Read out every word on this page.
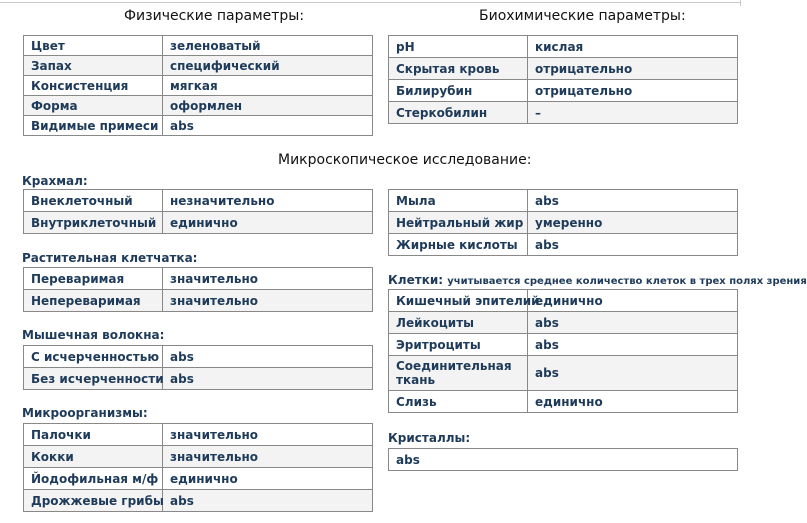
Физические параметры:
Цвет	зеленоватый
Запах	специфический
Консистенция	мягкая
Форма	оформлен
Видимые примеси	abs
Биохимические параметры:
pH	кислая
Скрытая кровь	отрицательно
Билирубин	отрицательно
Стеркобилин	–
Микроскопическое исследование:
Крахмал:
Внеклеточный	незначительно
Внутриклеточный	единично
Растительная клетчатка:
Переваримая	значительно
Непереваримая	значительно
Мышечная волокна:
С исчерченностью	abs
Без исчерченности	abs
Микроорганизмы:
Палочки	значительно
Кокки	значительно
Йодофильная м/ф	единично
Дрожжевые грибы	abs
Мыла	abs
Нейтральный жир	умеренно
Жирные кислоты	abs
Клетки: учитывается среднее количество клеток в трех полях зрения
Кишечный эпителий	единично
Лейкоциты	abs
Эритроциты	abs
Соединительная ткань	abs
Слизь	единично
Кристаллы:
abs
